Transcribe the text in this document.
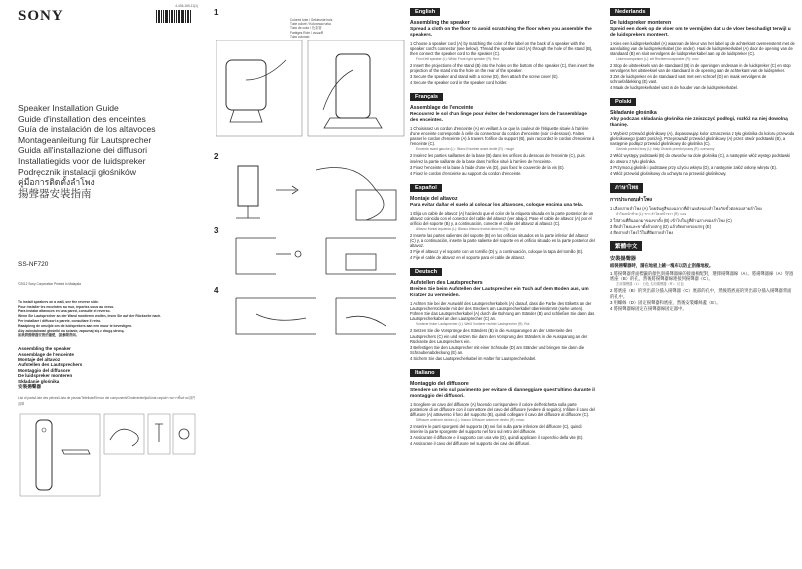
SONY
4-436-169-11(1)
Speaker Installation Guide
Guide d'installation des enceintes
Guía de instalación de los altavoces
Montageanleitung für Lautsprecher
Guida all'installazione dei diffusori
Installatiegids voor de luidspreker
Podręcznik instalacji głośników
คู่มือการติดตั้งลำโพง
揚聲器安裝指南
SS-NF720
©2012 Sony Corporation Printed in Malaysia
To install speakers on a wall, see the reverse side.
Pour installer les enceintes au mur, reportez-vous au verso.
Para instalar altavoces en una pared, consulte el reverso.
Wenn Sie Lautsprecher an der Wand montieren wollen, lesen Sie auf der Rückseite nach.
Per installare i diffusori a parete, consultare il retro.
Raadpleeg de omzijde om de luidsprekers aan een muur te bevestigen.
Aby zainstalować głośniki na ścianie, zapoznaj się z drugą stroną.
如欲將揚聲器安裝於牆壁，請參閱背面。
Assembling the speaker
Assemblage de l'enceinte
Montaje del altavoz
Aufstellen des Lautsprechers
Montaggio del diffusore
De luidspreker monteren
Składanie głośnika
安裝揚聲器
List of parts/Liste des pièces/Lista de piezas/Teileliste/Elenco dei componenti/Onderdelenlijst/Lista części/รายการชิ้นส่วน/部件清單
1
Colored tube / Gekleurde buis
Tube coloré / Kolorowa rurka
Tubo de color / 色彩管
Farbiges Rohr / หลอดสี
Tubo colorato
2
3
4
English
Assembling the speaker
Spread a cloth on the floor to avoid scratching the floor when you assemble the speakers.

1 Choose a speaker cord (A) by matching the color of the label on the back of a speaker with the speaker cord's connector (see below). Thread the speaker cord (A) through the hole of the stand (B), then connect the speaker cord to the speaker (C).

Front left speaker (L): White Front right speaker (R): Red

2 Insert the projections of the stand (B) into the holes on the bottom of the speaker (C), then insert the projection of the stand into the hole on the rear of the speaker.

3 Secure the speaker and stand with a screw (D), then attach the screw cover (E).

4 Secure the speaker cord in the speaker cord holder.

Français
Assemblage de l'enceinte
Recouvrez le sol d'un linge pour éviter de l'endommager lors de l'assemblage des enceintes.

1 Choisissez un cordon d'enceinte (A) en veillant à ce que la couleur de l'étiquette située à l'arrière d'une enceinte corresponde à celle du connecteur du cordon d'enceinte (voir ci-dessous). Faites passer le cordon d'enceinte (A) à travers l'orifice du support (B), puis raccordez le cordon d'enceinte à l'enceinte (C).

Enceinte avant gauche (L) : Blanc Enceinte avant droite (R) : rouge

2 Insérez les parties saillantes de la base (B) dans les orifices du dessous de l'enceinte (C), puis insérez la partie saillante de la base dans l'orifice situé à l'arrière de l'enceinte.

3 Fixez l'enceinte et la base à l'aide d'une vis (D), puis fixez le couvercle de la vis (E).

4 Fixez le cordon d'enceinte au support du cordon d'enceinte.

Español
Montaje del altavoz
Para evitar dañar el suelo al colocar los altavoces, coloque encima una tela.

1 Elija un cable de altavoz (A) haciendo que el color de la etiqueta situada en la parte posterior de un altavoz coincida con el conector del cable del altavoz (ver abajo). Pase el cable de altavoz (A) por el orificio del soporte (B) y, a continuación, conecte el cable del altavoz al altavoz (C).

Altavoz frontal izquierdo (L): Blanco Altavoz frontal derecho (R): rojo

2 Inserte las partes salientes del soporte (B) en los orificios situados en la parte inferior del altavoz (C) y, a continuación, inserte la parte saliente del soporte en el orificio situado en la parte posterior del altavoz.

3 Fije el altavoz y el soporte con un tornillo (D) y, a continuación, coloque la tapa del tornillo (E).

4 Fije el cable de altavoz en el soporte para el cable de altavoz.

Deutsch
Aufstellen des Lautsprechers
Breiten Sie beim Aufstellen der Lautsprecher ein Tuch auf dem Boden aus, um Kratzer zu vermeiden.

1 Achten Sie bei der Auswahl des Lautsprecherkabels (A) darauf, dass die Farbe des Etiketts an der Lautsprecherrückseite mit der des Steckers am Lautsprecherkabel übereinstimmt (siehe unten). Führen Sie das Lautsprecherkabel (A) durch die Bohrung am Ständer (B) und schließen Sie dann das Lautsprecherkabel an den Lautsprecher (C) an.

Vorderer linker Lautsprecher (L): Weiß Vorderer rechter Lautsprecher (R): Rot

2 Setzen Sie die Vorsprünge des Ständers (B) in die Aussparungen an der Unterseite des Lautsprechers (C) ein und setzen Sie dann den Vorsprung des Ständers in die Aussparung an der Rückseite des Lautsprechers ein.

3 Befestigen Sie den Lautsprecher mit einer Schraube (D) am Ständer und bringen Sie dann die Schraubenabdeckung (E) an.

4 Sichern Sie das Lautsprecherkabel im Halter für Lautsprecherkabel.

Italiano
Montaggio del diffusore
Stendere un telo sul pavimento per evitare di danneggiare quest'ultimo durante il montaggio dei diffusori.

1 Scegliere un cavo del diffusore (A) facendo corrispondere il colore dell'etichetta sulla parte posteriore di un diffusore con il connettore del cavo del diffusore (vedere di seguito). Infilare il cavo del diffusore (A) attraverso il foro del supporto (B), quindi collegare il cavo del diffusore al diffusore (C).

Diffusore anteriore sinistro (L): bianco Diffusore anteriore destro (R): rosso

2 Inserire le parti sporgenti del supporto (B) nei fori sulla parte inferiore del diffusore (C), quindi inserire la parte sporgente del supporto nel foro sul retro del diffusore.

3 Assicurare il diffusore e il supporto con una vite (D), quindi applicare il coperchio della vite (E).

4 Assicurare il cavo del diffusore nel supporto dei cavi dei diffusori.

Nederlands
De luidspreker monteren
Spreid een doek op de vloer om te vermijden dat u de vloer beschadigt terwijl u de luidsprekers monteert.

1 Kies een luidsprekerkabel (A) waarvan de kleur van het label op de achterkant overeenstemt met de aansluiting van de luidsprekerkabel (zie onder). Haal de luidsprekerkabel (A) door de opening van de standaard (B) en sluit vervolgens de luidsprekerkabel aan op de luidspreker (C).

Linkervoorspeaker (L): wit Rechtervoorspeaker (R): rood

2 Stop de uitsteeksels van de standaard (B) in de openingen onderaan in de luidspreker (C) en stop vervolgens het uitsteeksel van de standaard in de opening aan de achterkant van de luidspreker.

3 Zet de luidspreker en de standaard vast met een schroef (D) en maak vervolgens de schroefafdekking (E) vast.

4 Maak de luidsprekerkabel vast in de houder van de luidsprekerkabel.

Polski
Składanie głośnika
Aby podczas składania głośnika nie zniszczyć podłogi, rozłóż na niej dowolną tkaninę.

1 Wybierz przewód głośnikowy (A), dopasowując kolor oznaczenia z tyłu głośnika do koloru przewodu głośnikowego (patrz poniżej). Przeprowadź przewód głośnikowy (A) przez otwór podstawki (B), a następnie podłącz przewód głośnikowy do głośnika (C).

Głośnik przedni lewy (L): biały Głośnik przedni prawy (R): czerwony

2 Włóż występy podstawki (B) do otworów na dole głośnika (C), a następnie włóż występ podstawki do otworu z tyłu głośnika.

3 Przymocuj głośnik i podstawę przy użyciu wkrętu (D), a następnie załóż osłonę wkrętu (E).

4 Włóż przewód głośnikowy do uchwytu na przewód głośnikowy.

ภาษาไทย
การประกอบลำโพง

1 เลือกสายลำโพง (A) โดยจับคู่สีของฉลากที่ด้านหลังของลำโพงกับขั้วต่อของสายลำโพง

ลำโพงหน้าซ้าย (L): ขาว ลำโพงหน้าขวา (R): แดง

2 ใส่ส่วนที่ยื่นออกมาของขาตั้ง (B) เข้าไปในรูที่ด้านล่างของลำโพง (C)

3 ยึดลำโพงและขาตั้งด้วยสกรู (D) แล้วติดฝาครอบสกรู (E)

4 ยึดสายลำโพงไว้ในที่ยึดสายลำโพง

繁體中文
安裝揚聲器
組裝揚聲器時，請在地板上鋪一塊布以防止刮傷地板。

1 將揚聲器背面標籤的顏色與揚聲器線的接頭相配對，選擇揚聲器線（A）。將揚聲器線（A）穿過底座（B）的孔，然後將揚聲器線連接到揚聲器（C）。

左前揚聲器（L）：白色 右前揚聲器（R）：紅色

2 將底座（B）的突出部分插入揚聲器（C）底部的孔中，然後將底座的突出部分插入揚聲器背面的孔中。

3 用螺絲（D）固定揚聲器和底座，然後安裝螺絲蓋（E）。

4 將揚聲器線固定在揚聲器線固定器中。
